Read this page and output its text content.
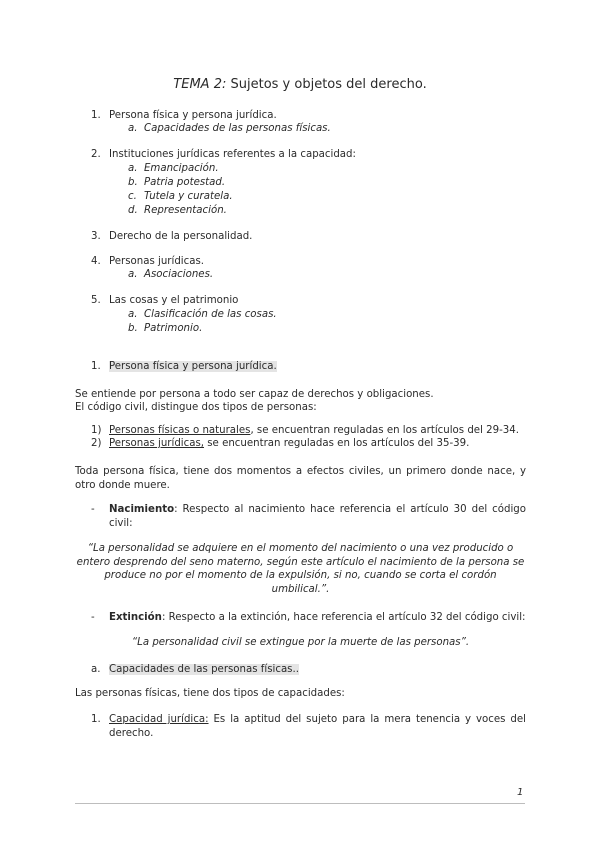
TEMA 2: Sujetos y objetos del derecho.
1. Persona física y persona jurídica.
a. Capacidades de las personas físicas.
2. Instituciones jurídicas referentes a la capacidad:
a. Emancipación.
b. Patria potestad.
c. Tutela y curatela.
d. Representación.
3. Derecho de la personalidad.
4. Personas jurídicas.
a. Asociaciones.
5. Las cosas y el patrimonio
a. Clasificación de las cosas.
b. Patrimonio.
1. Persona física y persona jurídica.
Se entiende por persona a todo ser capaz de derechos y obligaciones.
El código civil, distingue dos tipos de personas:
1) Personas físicas o naturales, se encuentran reguladas en los artículos del 29-34.
2) Personas jurídicas, se encuentran reguladas en los artículos del 35-39.
Toda persona física, tiene dos momentos a efectos civiles, un primero donde nace, y otro donde muere.
- Nacimiento: Respecto al nacimiento hace referencia el artículo 30 del código civil:
“La personalidad se adquiere en el momento del nacimiento o una vez producido o entero desprendo del seno materno, según este artículo el nacimiento de la persona se produce no por el momento de la expulsión, si no, cuando se corta el cordón umbilical.”.
- Extinción: Respecto a la extinción, hace referencia el artículo 32 del código civil:
“La personalidad civil se extingue por la muerte de las personas”.
a. Capacidades de las personas físicas..
Las personas físicas, tiene dos tipos de capacidades:
1. Capacidad jurídica: Es la aptitud del sujeto para la mera tenencia y voces del derecho.
1
